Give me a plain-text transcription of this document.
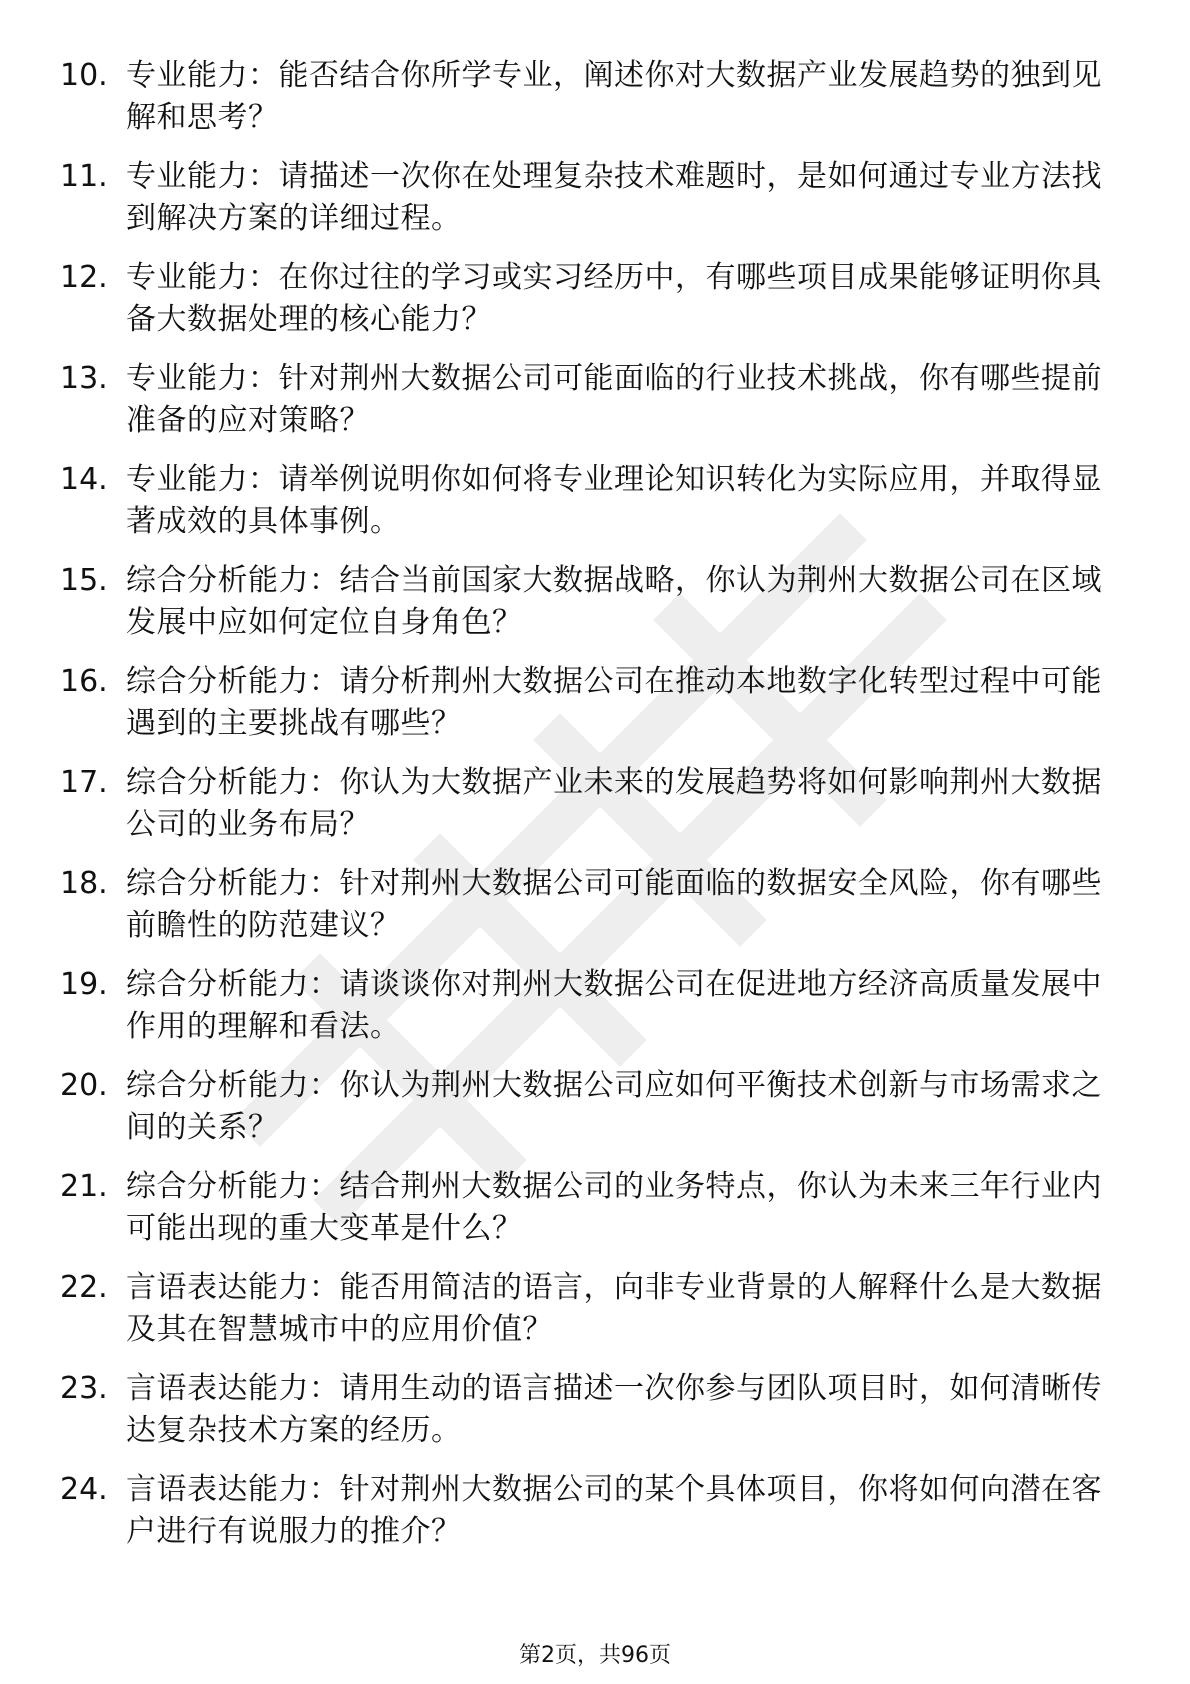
10. 专业能力：能否结合你所学专业，阐述你对大数据产业发展趋势的独到见解和思考？
11. 专业能力：请描述一次你在处理复杂技术难题时，是如何通过专业方法找到解决方案的详细过程。
12. 专业能力：在你过往的学习或实习经历中，有哪些项目成果能够证明你具备大数据处理的核心能力？
13. 专业能力：针对荆州大数据公司可能面临的行业技术挑战，你有哪些提前准备的应对策略？
14. 专业能力：请举例说明你如何将专业理论知识转化为实际应用，并取得显著成效的具体事例。
15. 综合分析能力：结合当前国家大数据战略，你认为荆州大数据公司在区域发展中应如何定位自身角色？
16. 综合分析能力：请分析荆州大数据公司在推动本地数字化转型过程中可能遇到的主要挑战有哪些？
17. 综合分析能力：你认为大数据产业未来的发展趋势将如何影响荆州大数据公司的业务布局？
18. 综合分析能力：针对荆州大数据公司可能面临的数据安全风险，你有哪些前瞻性的防范建议？
19. 综合分析能力：请谈谈你对荆州大数据公司在促进地方经济高质量发展中作用的理解和看法。
20. 综合分析能力：你认为荆州大数据公司应如何平衡技术创新与市场需求之间的关系？
21. 综合分析能力：结合荆州大数据公司的业务特点，你认为未来三年行业内可能出现的重大变革是什么？
22. 言语表达能力：能否用简洁的语言，向非专业背景的人解释什么是大数据及其在智慧城市中的应用价值？
23. 言语表达能力：请用生动的语言描述一次你参与团队项目时，如何清晰传达复杂技术方案的经历。
24. 言语表达能力：针对荆州大数据公司的某个具体项目，你将如何向潜在客户进行有说服力的推介？
第2页，共96页
